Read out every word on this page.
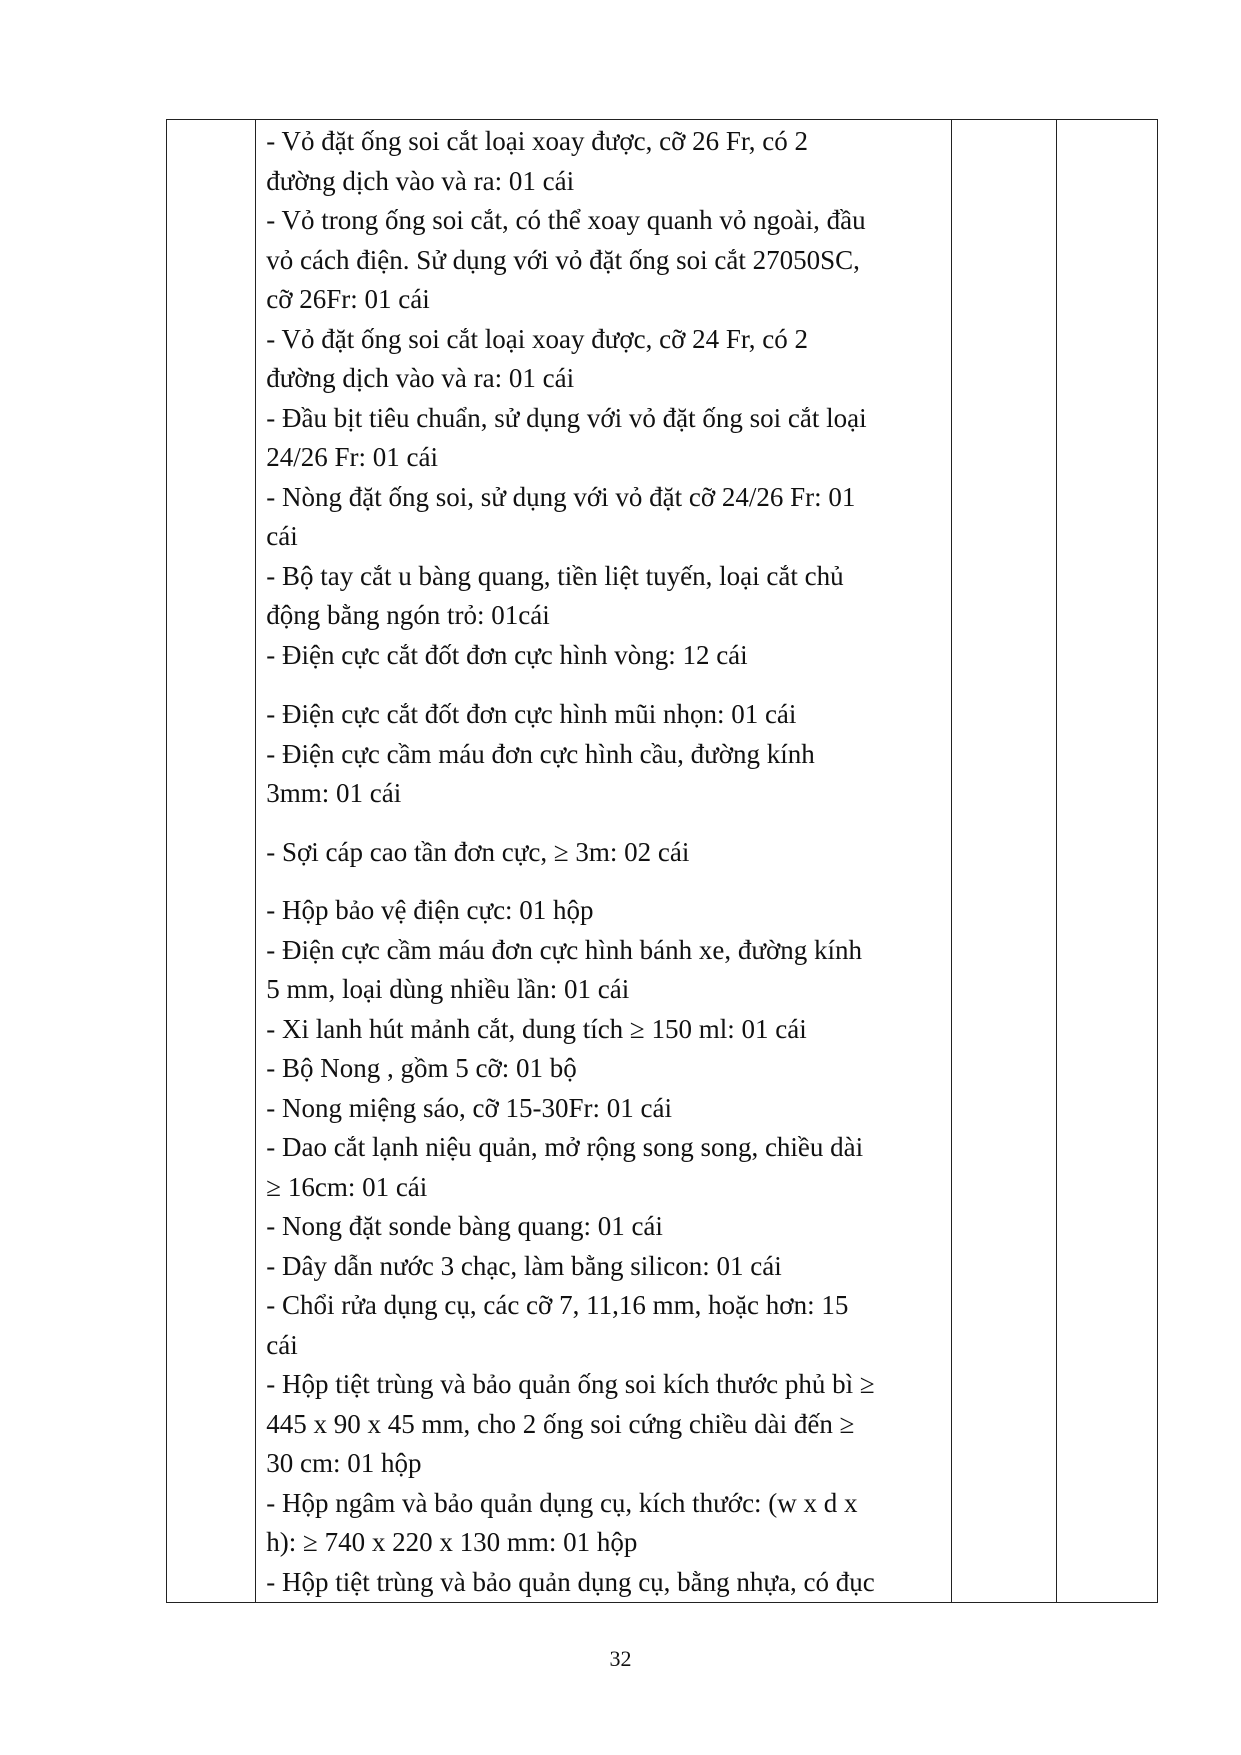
- Vỏ đặt ống soi cắt loại xoay được, cỡ 26 Fr, có 2
đường dịch vào và ra: 01 cái
- Vỏ trong ống soi cắt, có thể xoay quanh vỏ ngoài, đầu
vỏ cách điện. Sử dụng với vỏ đặt ống soi cắt 27050SC,
cỡ 26Fr: 01 cái
- Vỏ đặt ống soi cắt loại xoay được, cỡ 24 Fr, có 2
đường dịch vào và ra: 01 cái
- Đầu bịt tiêu chuẩn, sử dụng với vỏ đặt ống soi cắt loại
24/26 Fr: 01 cái
- Nòng đặt ống soi, sử dụng với vỏ đặt cỡ 24/26 Fr: 01
cái
- Bộ tay cắt u bàng quang, tiền liệt tuyến, loại cắt chủ
động bằng ngón trỏ: 01cái
- Điện cực cắt đốt đơn cực hình vòng: 12 cái
- Điện cực cắt đốt đơn cực hình mũi nhọn: 01 cái
- Điện cực cầm máu đơn cực hình cầu, đường kính
3mm: 01 cái
- Sợi cáp cao tần đơn cực, ≥ 3m: 02 cái
- Hộp bảo vệ điện cực: 01 hộp
- Điện cực cầm máu đơn cực hình bánh xe, đường kính
5 mm, loại dùng nhiều lần: 01 cái
- Xi lanh hút mảnh cắt, dung tích ≥ 150 ml: 01 cái
- Bộ Nong , gồm 5 cỡ: 01 bộ
- Nong miệng sáo, cỡ 15-30Fr: 01 cái
- Dao cắt lạnh niệu quản, mở rộng song song, chiều dài
≥ 16cm: 01 cái
- Nong đặt sonde bàng quang: 01 cái
- Dây dẫn nước 3 chạc, làm bằng silicon: 01 cái
- Chổi rửa dụng cụ, các cỡ 7, 11,16 mm, hoặc hơn: 15
cái
- Hộp tiệt trùng và bảo quản ống soi kích thước phủ bì ≥
445 x 90 x 45 mm, cho 2 ống soi cứng chiều dài đến ≥
30 cm: 01 hộp
- Hộp ngâm và bảo quản dụng cụ, kích thước: (w x d x
h): ≥ 740 x 220 x 130 mm: 01 hộp
- Hộp tiệt trùng và bảo quản dụng cụ, bằng nhựa, có đục

32
